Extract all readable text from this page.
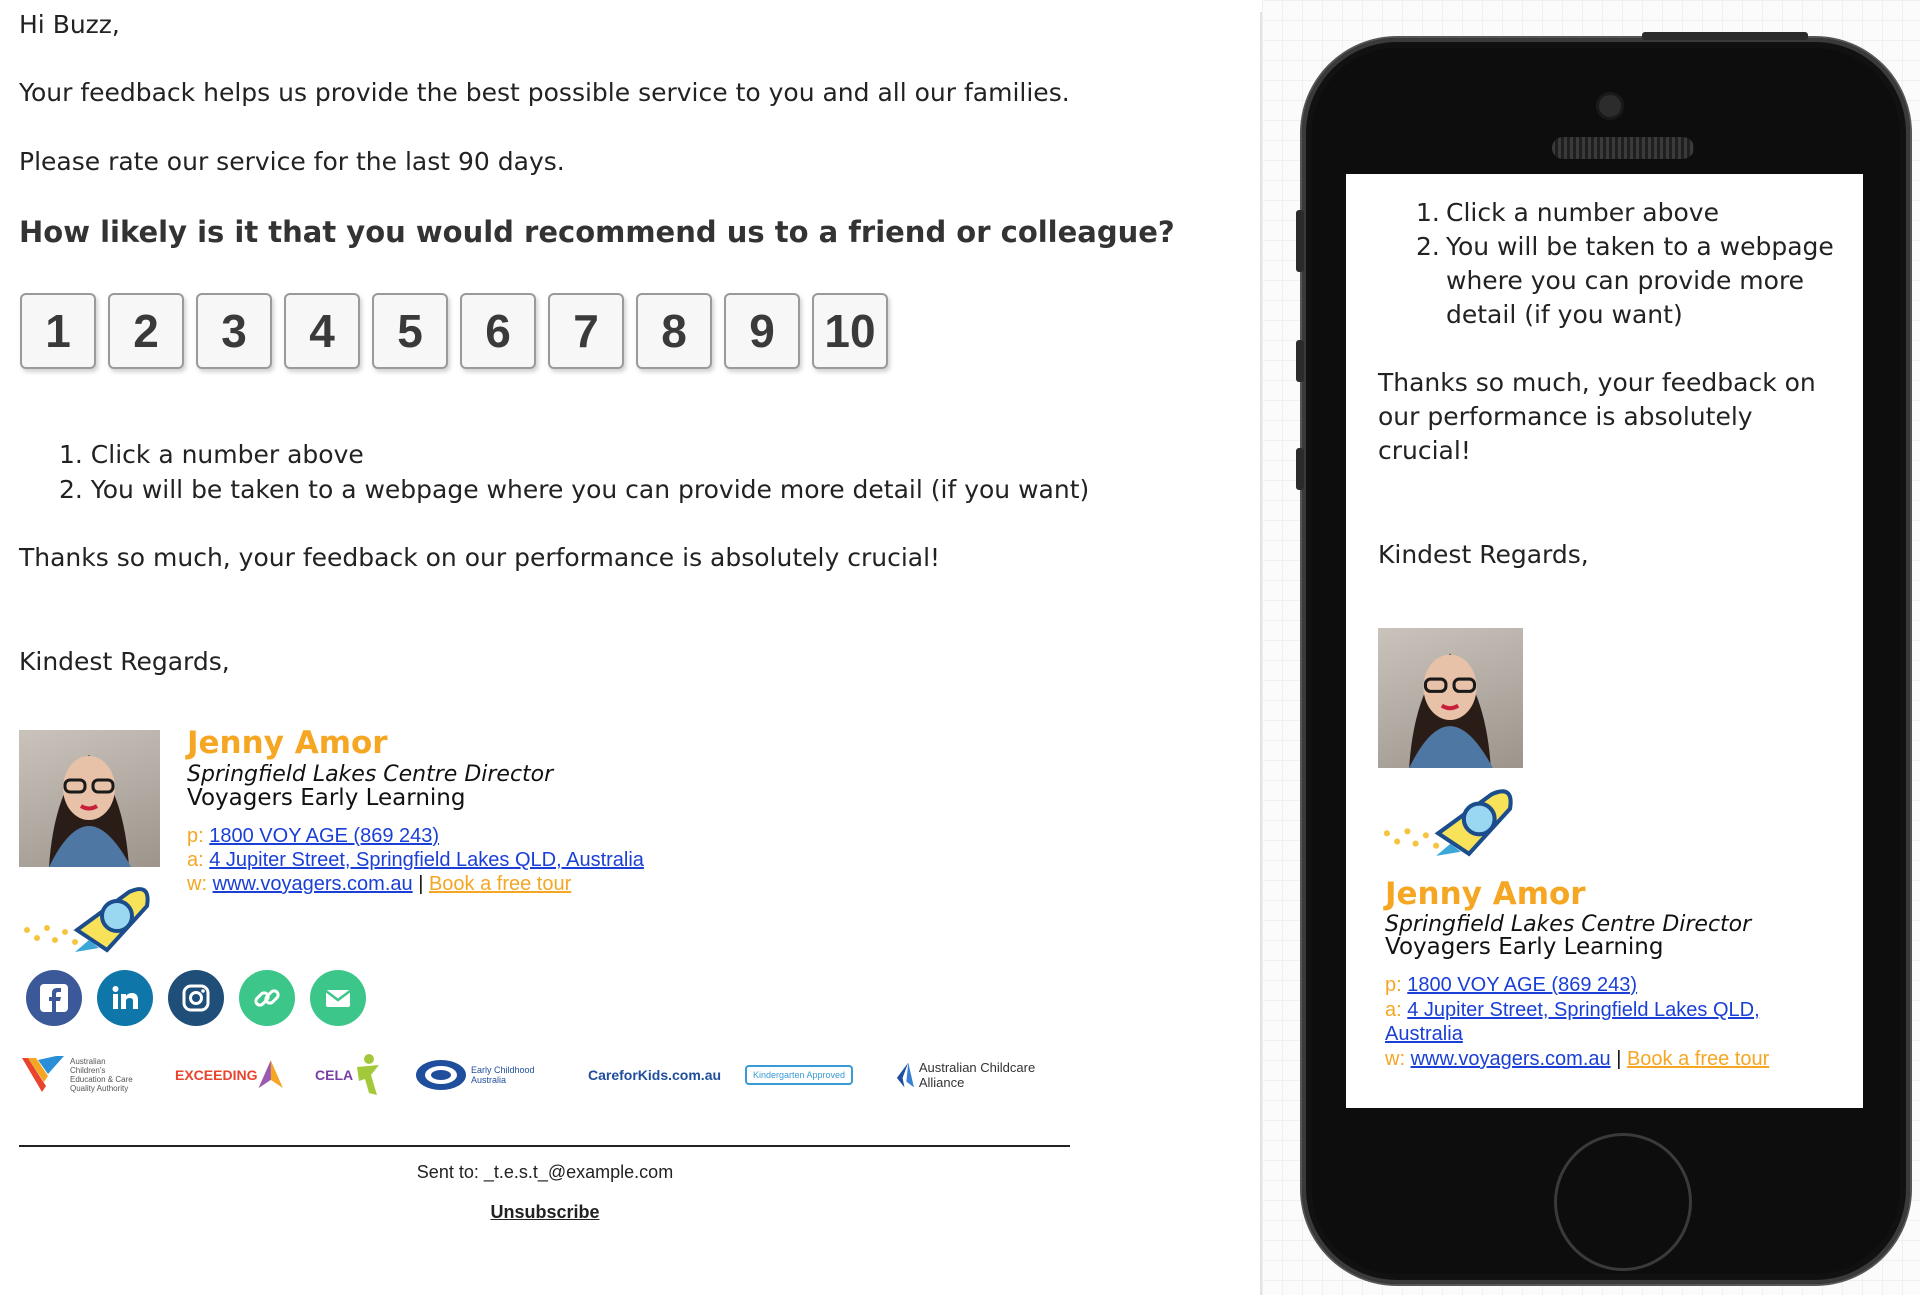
Hi Buzz,

Your feedback helps us provide the best possible service to you and all our families.

Please rate our service for the last 90 days.

How likely is it that you would recommend us to a friend or colleague?

1	2	3	4	5	6	7	8	9	10
1. Click a number above
2. You will be taken to a webpage where you can provide more detail (if you want)

Thanks so much, your feedback on our performance is absolutely crucial!

Kindest Regards,

Jenny Amor
Springfield Lakes Centre Director
Voyagers Early Learning
p: 1800 VOY AGE (869 243)
a: 4 Jupiter Street, Springfield Lakes QLD, Australia
w: www.voyagers.com.au | Book a free tour
Australian Children's Education & Care Quality Authority
EXCEEDING	CELA	Early Childhood Australia	CareforKids.com.au	Kindergarten Approved	Australian Childcare Alliance
Sent to: _t.e.s.t_@example.com
Unsubscribe
1. Click a number above
2. You will be taken to a webpage where you can provide more detail (if you want)

Thanks so much, your feedback on our performance is absolutely crucial!

Kindest Regards,

Jenny Amor
Springfield Lakes Centre Director
Voyagers Early Learning
p: 1800 VOY AGE (869 243)
a: 4 Jupiter Street, Springfield Lakes QLD,
Australia
w: www.voyagers.com.au | Book a free tour
